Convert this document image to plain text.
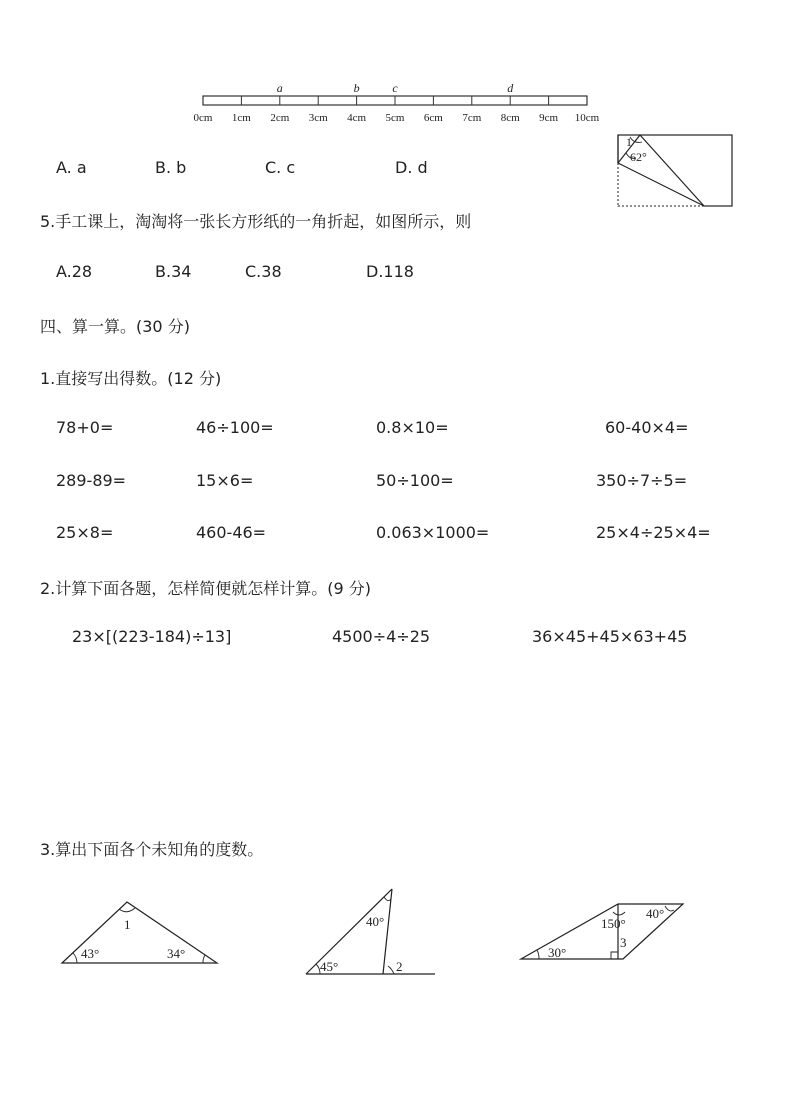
0cm 1cm 2cm 3cm 4cm 5cm 6cm 7cm 8cm 9cm 10cm
a	b	c	d
A. a	B. b	C. c	D. d
1
62°
5.手工课上，淘淘将一张长方形纸的一角折起，如图所示，则
A.28	B.34	C.38	D.118
四、算一算。(30 分)
1.直接写出得数。(12 分)
78+0=	46÷100=	0.8×10=	60-40×4=
289-89=	15×6=	50÷100=	350÷7÷5=
25×8=	460-46=	0.063×1000=	25×4÷25×4=
2.计算下面各题，怎样简便就怎样计算。(9 分)
23×[(223-184)÷13]	4500÷4÷25	36×45+45×63+45
3.算出下面各个未知角的度数。
1
43°	34°
40°
45°	2
30°
150°
40°
3
